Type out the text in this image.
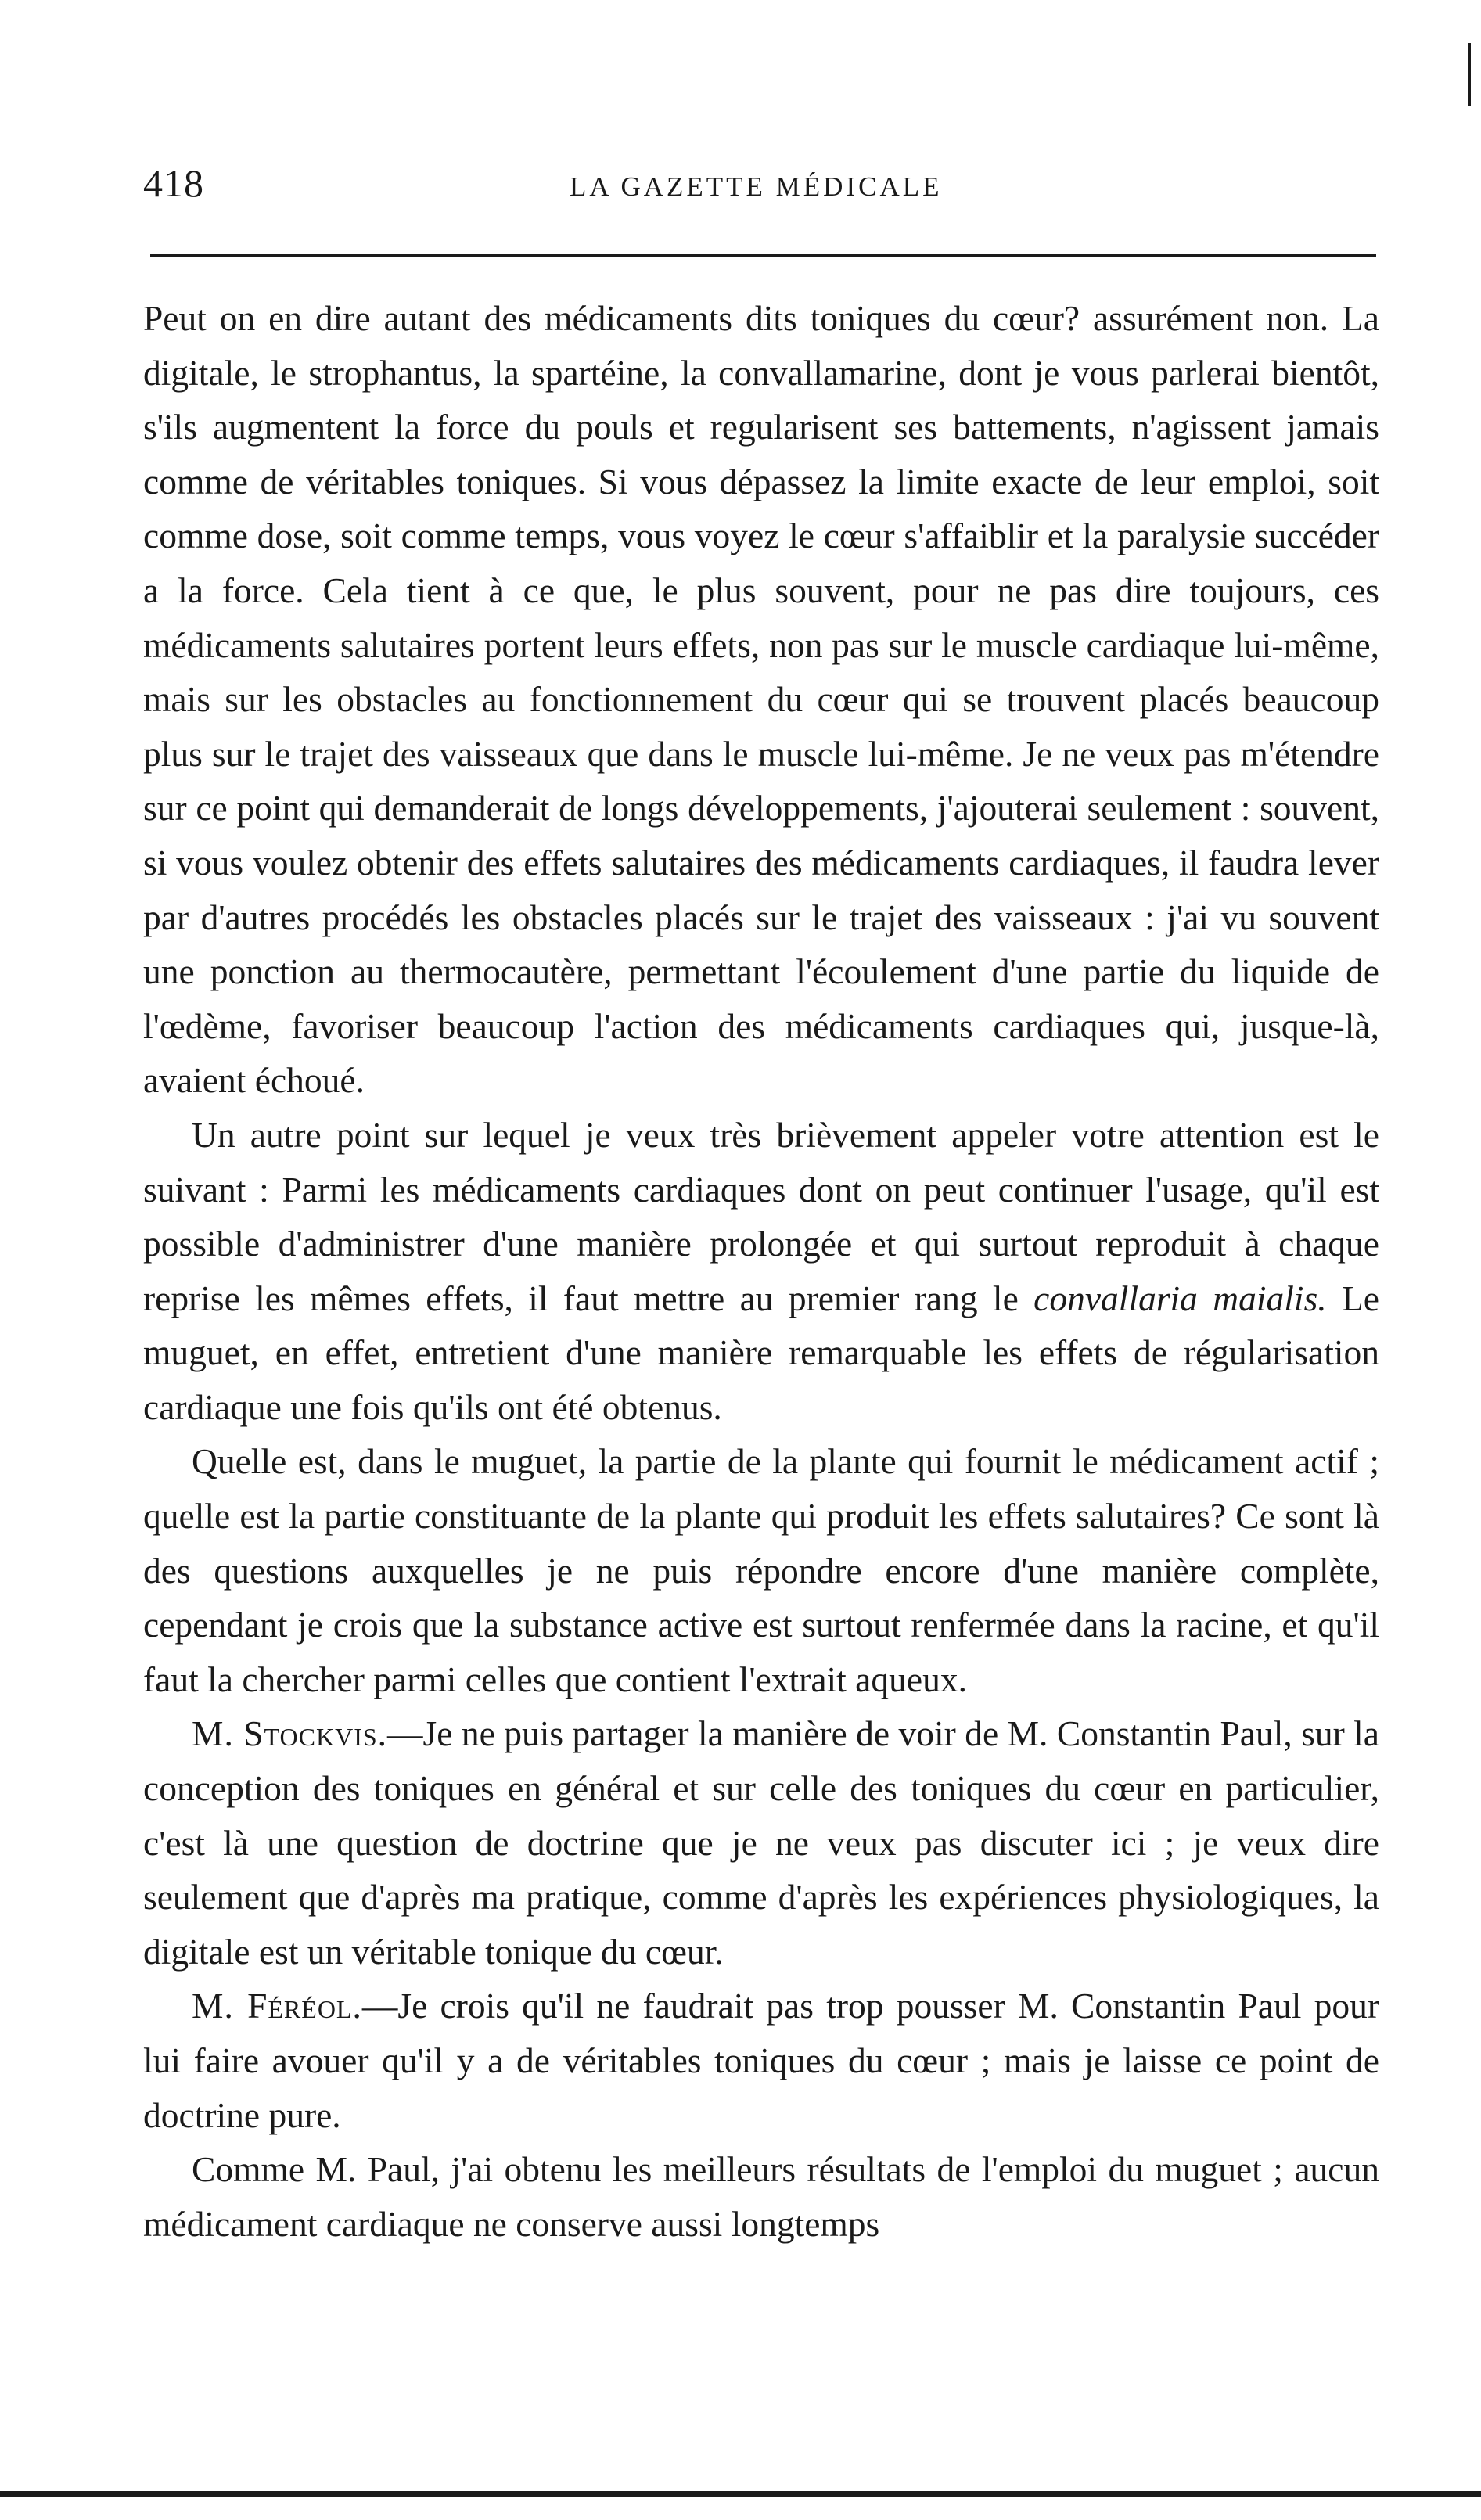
418	LA GAZETTE MÉDICALE

Peut on en dire autant des médicaments dits toniques du cœur? assurément non. La digitale, le strophantus, la spartéine, la convallamarine, dont je vous parlerai bientôt, s'ils augmentent la force du pouls et regularisent ses battements, n'agissent jamais comme de véritables toniques. Si vous dépassez la limite exacte de leur emploi, soit comme dose, soit comme temps, vous voyez le cœur s'affaiblir et la paralysie succéder a la force. Cela tient à ce que, le plus souvent, pour ne pas dire toujours, ces médicaments salutaires portent leurs effets, non pas sur le muscle cardiaque lui-même, mais sur les obstacles au fonctionnement du cœur qui se trouvent placés beaucoup plus sur le trajet des vaisseaux que dans le muscle lui-même. Je ne veux pas m'étendre sur ce point qui demanderait de longs développements, j'ajouterai seulement : souvent, si vous voulez obtenir des effets salutaires des médicaments cardiaques, il faudra lever par d'autres procédés les obstacles placés sur le trajet des vaisseaux : j'ai vu souvent une ponction au thermocautère, permettant l'écoulement d'une partie du liquide de l'œdème, favoriser beaucoup l'action des médicaments cardiaques qui, jusque-là, avaient échoué.

Un autre point sur lequel je veux très brièvement appeler votre attention est le suivant : Parmi les médicaments cardiaques dont on peut continuer l'usage, qu'il est possible d'administrer d'une manière prolongée et qui surtout reproduit à chaque reprise les mêmes effets, il faut mettre au premier rang le convallaria maialis. Le muguet, en effet, entretient d'une manière remarquable les effets de régularisation cardiaque une fois qu'ils ont été obtenus.

Quelle est, dans le muguet, la partie de la plante qui fournit le médicament actif ; quelle est la partie constituante de la plante qui produit les effets salutaires? Ce sont là des questions auxquelles je ne puis répondre encore d'une manière complète, cependant je crois que la substance active est surtout renfermée dans la racine, et qu'il faut la chercher parmi celles que contient l'extrait aqueux.

M. Stockvis.—Je ne puis partager la manière de voir de M. Constantin Paul, sur la conception des toniques en général et sur celle des toniques du cœur en particulier, c'est là une question de doctrine que je ne veux pas discuter ici ; je veux dire seulement que d'après ma pratique, comme d'après les expériences physiologiques, la digitale est un véritable tonique du cœur.

M. Féréol.—Je crois qu'il ne faudrait pas trop pousser M. Constantin Paul pour lui faire avouer qu'il y a de véritables toniques du cœur ; mais je laisse ce point de doctrine pure.

Comme M. Paul, j'ai obtenu les meilleurs résultats de l'emploi du muguet ; aucun médicament cardiaque ne conserve aussi longtemps
